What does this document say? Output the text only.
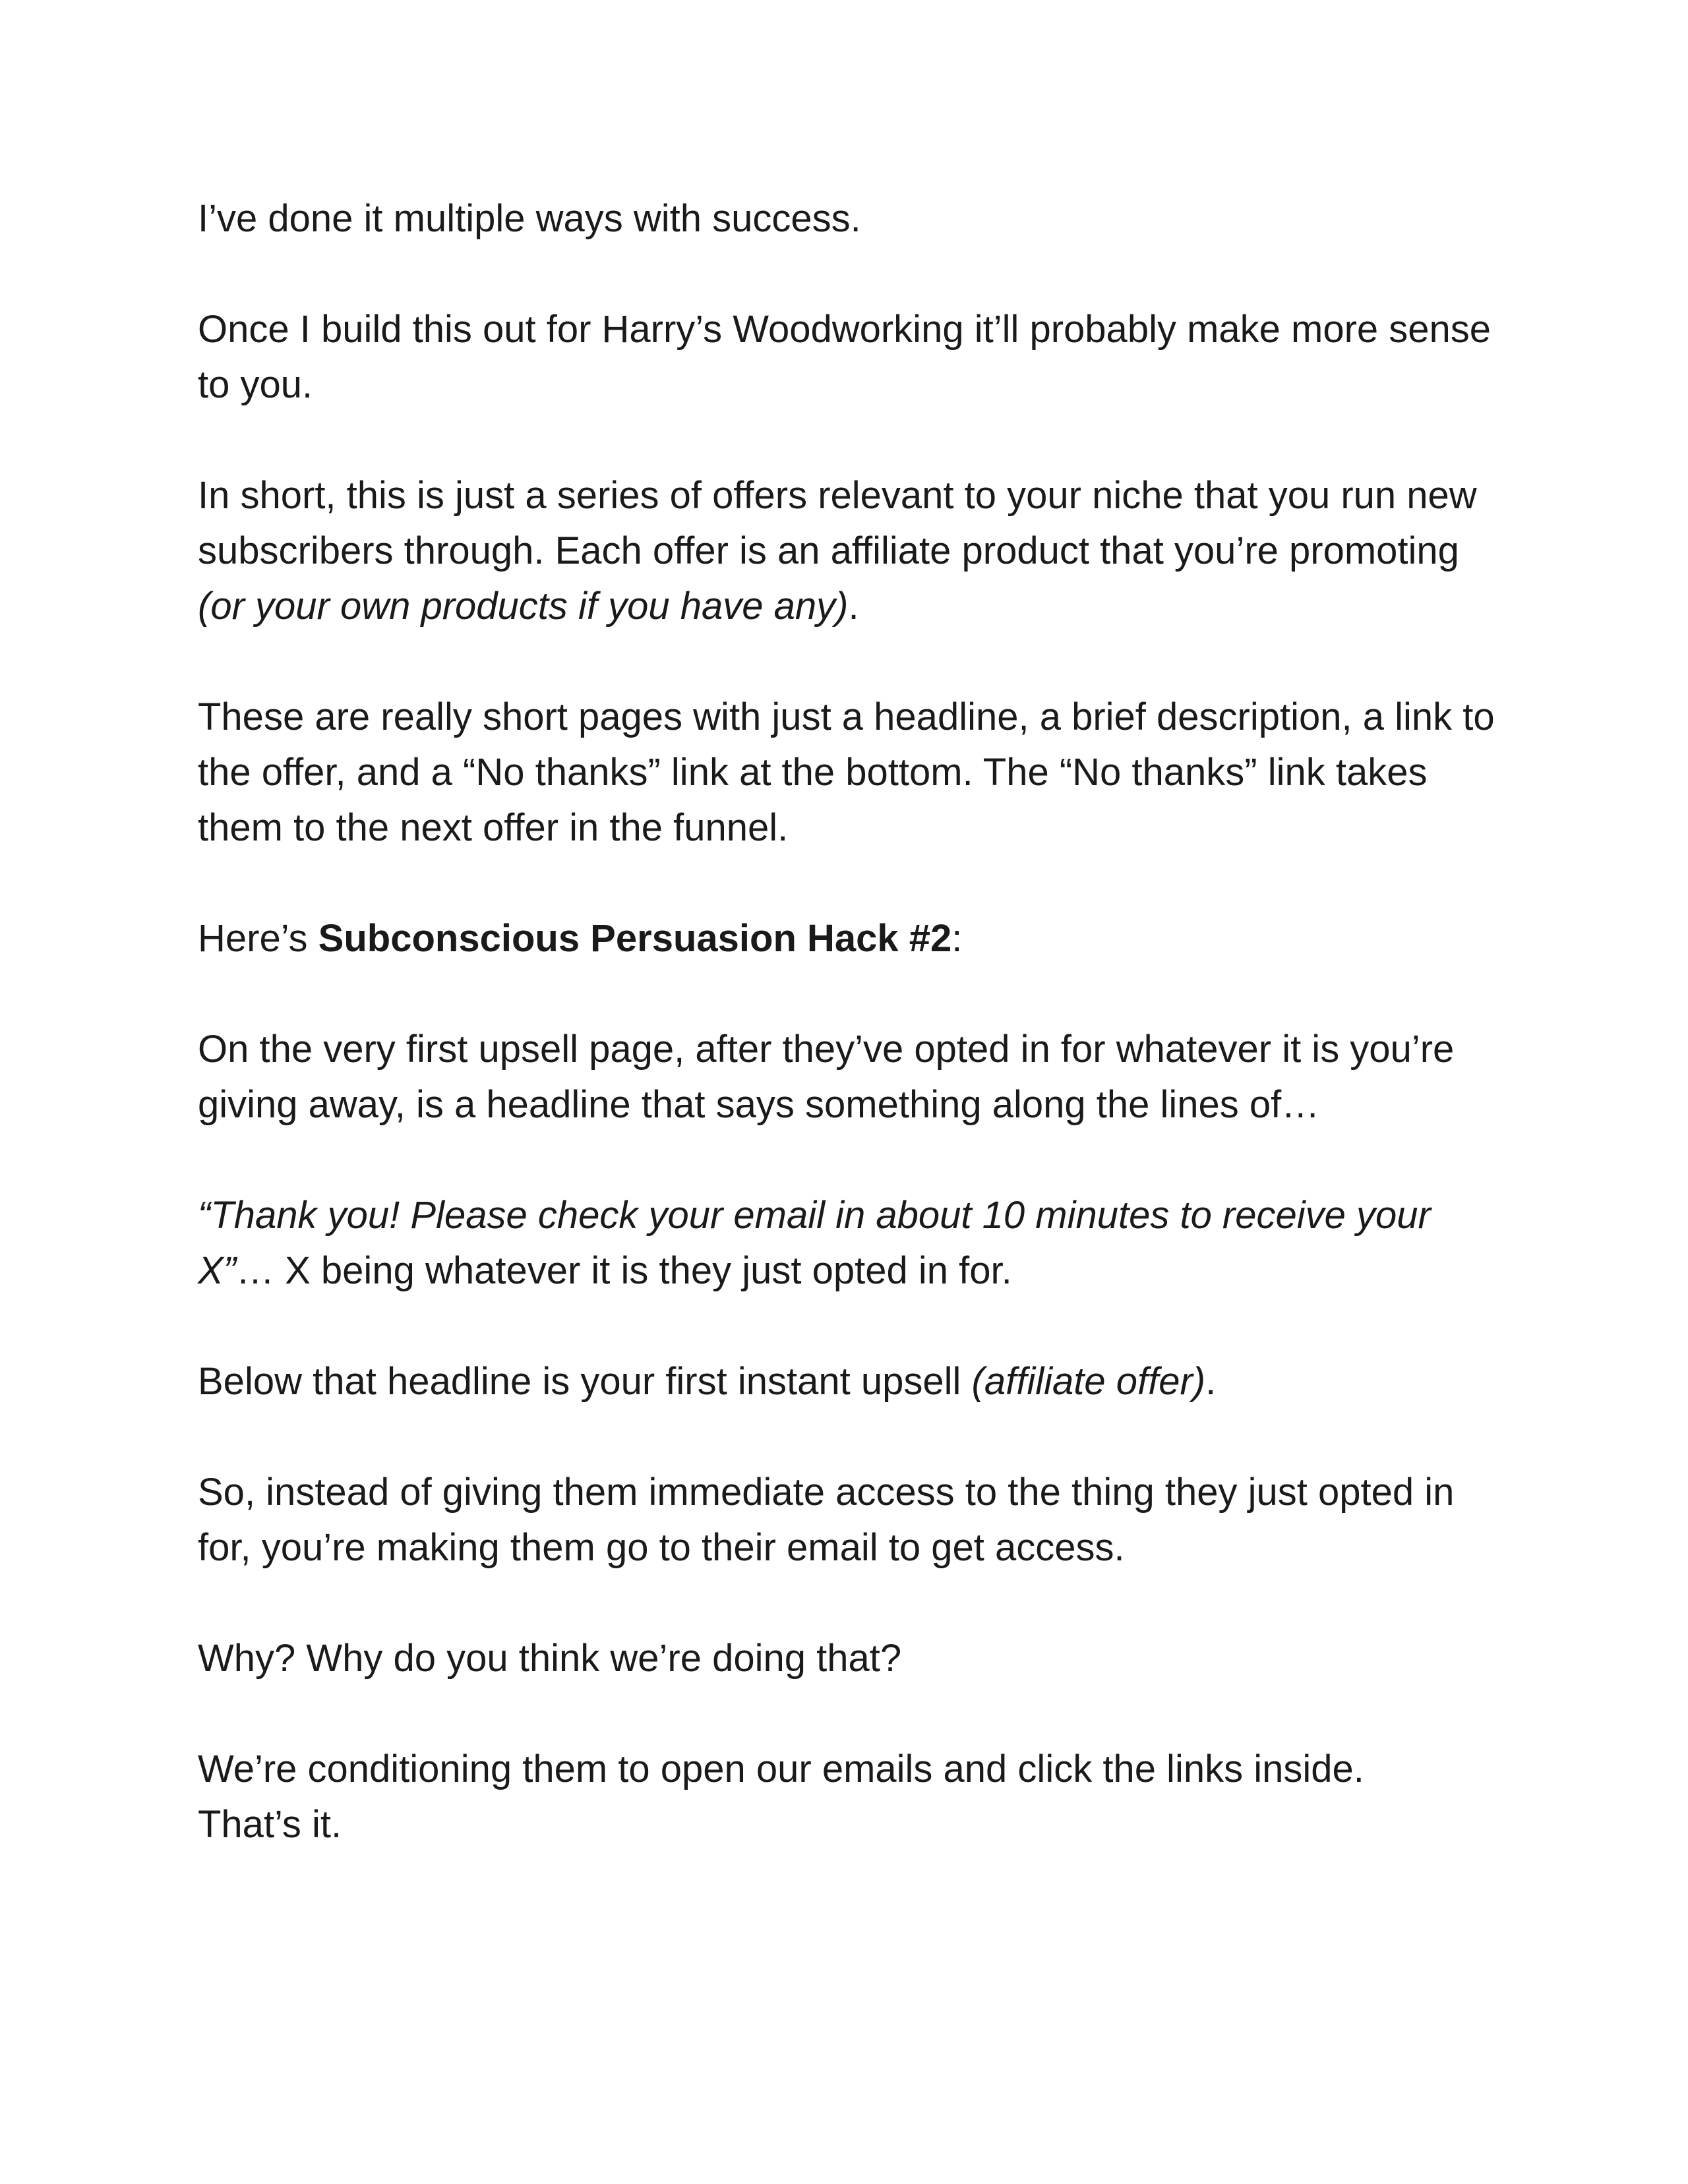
I’ve done it multiple ways with success.

Once I build this out for Harry’s Woodworking it’ll probably make more sense to you.

In short, this is just a series of offers relevant to your niche that you run new subscribers through. Each offer is an affiliate product that you’re promoting (or your own products if you have any).

These are really short pages with just a headline, a brief description, a link to the offer, and a “No thanks” link at the bottom. The “No thanks” link takes them to the next offer in the funnel.

Here’s Subconscious Persuasion Hack #2:

On the very first upsell page, after they’ve opted in for whatever it is you’re giving away, is a headline that says something along the lines of…

“Thank you! Please check your email in about 10 minutes to receive your X”… X being whatever it is they just opted in for.

Below that headline is your first instant upsell (affiliate offer).

So, instead of giving them immediate access to the thing they just opted in for, you’re making them go to their email to get access.

Why? Why do you think we’re doing that?

We’re conditioning them to open our emails and click the links inside.
That’s it.
